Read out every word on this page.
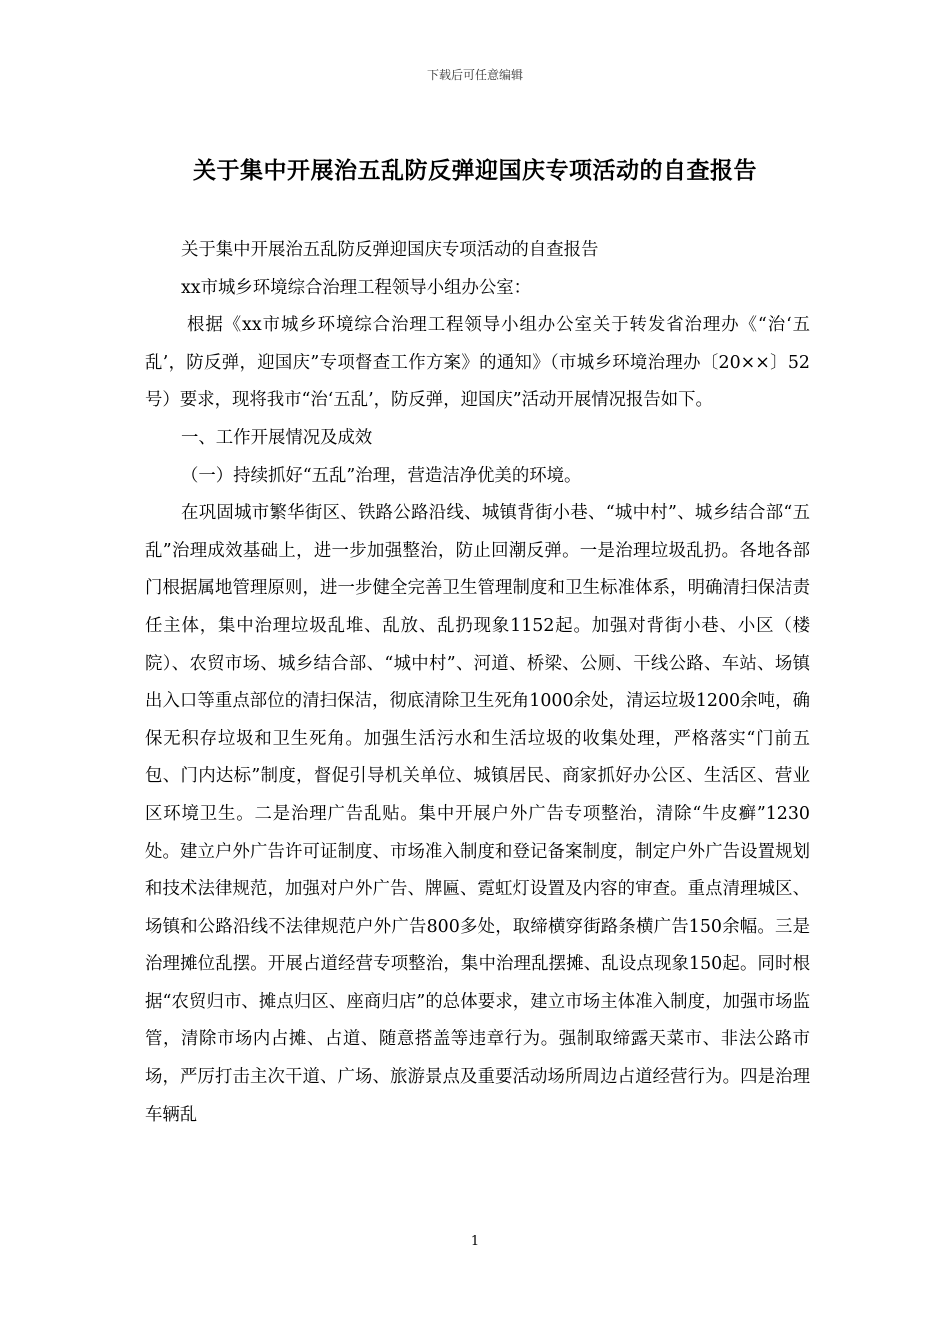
下载后可任意编辑
关于集中开展治五乱防反弹迎国庆专项活动的自查报告

关于集中开展治五乱防反弹迎国庆专项活动的自查报告

xx市城乡环境综合治理工程领导小组办公室：

根据《xx市城乡环境综合治理工程领导小组办公室关于转发省治理办《“治‘五乱’，防反弹，迎国庆”专项督查工作方案》的通知》（市城乡环境治理办〔20××〕52号）要求，现将我市“治‘五乱’，防反弹，迎国庆”活动开展情况报告如下。

一、工作开展情况及成效

（一）持续抓好“五乱”治理，营造洁净优美的环境。

在巩固城市繁华街区、铁路公路沿线、城镇背街小巷、“城中村”、城乡结合部“五乱”治理成效基础上，进一步加强整治，防止回潮反弹。一是治理垃圾乱扔。各地各部门根据属地管理原则，进一步健全完善卫生管理制度和卫生标准体系，明确清扫保洁责任主体，集中治理垃圾乱堆、乱放、乱扔现象1152起。加强对背街小巷、小区（楼院）、农贸市场、城乡结合部、“城中村”、河道、桥梁、公厕、干线公路、车站、场镇出入口等重点部位的清扫保洁，彻底清除卫生死角1000余处，清运垃圾1200余吨，确保无积存垃圾和卫生死角。加强生活污水和生活垃圾的收集处理，严格落实“门前五包、门内达标”制度，督促引导机关单位、城镇居民、商家抓好办公区、生活区、营业区环境卫生。二是治理广告乱贴。集中开展户外广告专项整治，清除“牛皮癣”1230处。建立户外广告许可证制度、市场准入制度和登记备案制度，制定户外广告设置规划和技术法律规范，加强对户外广告、牌匾、霓虹灯设置及内容的审查。重点清理城区、场镇和公路沿线不法律规范户外广告800多处，取缔横穿街路条横广告150余幅。三是治理摊位乱摆。开展占道经营专项整治，集中治理乱摆摊、乱设点现象150起。同时根据“农贸归市、摊点归区、座商归店”的总体要求，建立市场主体准入制度，加强市场监管，清除市场内占摊、占道、随意搭盖等违章行为。强制取缔露天菜市、非法公路市场，严厉打击主次干道、广场、旅游景点及重要活动场所周边占道经营行为。四是治理车辆乱

1
